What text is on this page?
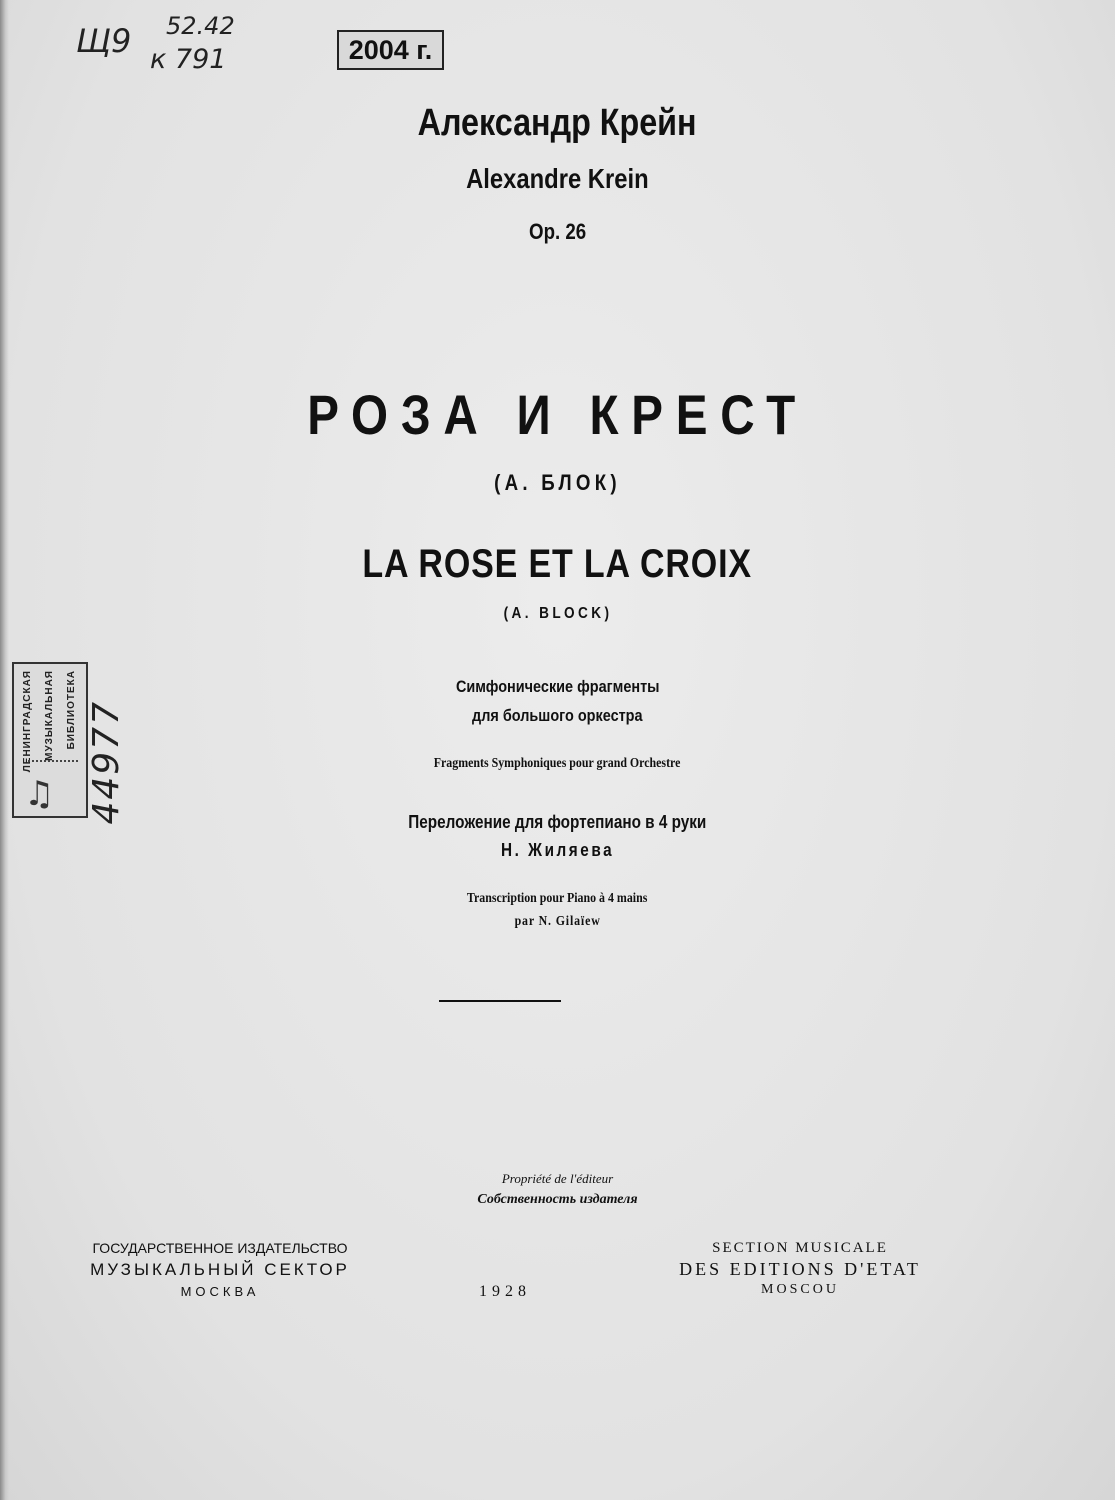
Щ9 52.42
к 791	2004 г.
ЛЕНИНГРАДСКАЯ МУЗЫКАЛЬНАЯ БИБЛИОТЕКА
♫ 44977
Александр Крейн
Alexandre Krein
Op. 26
РОЗА И КРЕСТ
(А. БЛОК)
LA ROSE ET LA CROIX
(A. BLOCK)
Симфонические фрагменты
для большого оркестра
Fragments Symphoniques pour grand Orchestre
Переложение для фортепиано в 4 руки
Н. Жиляева
Transcription pour Piano à 4 mains
par N. Gilaïew
Propriété de l'éditeur
Собственность издателя
ГОСУДАРСТВЕННОЕ ИЗДАТЕЛЬСТВО
МУЗЫКАЛЬНЫЙ СЕКТОР
МОСКВА	1928
SECTION MUSICALE
DES EDITIONS D'ETAT
MOSCOU
